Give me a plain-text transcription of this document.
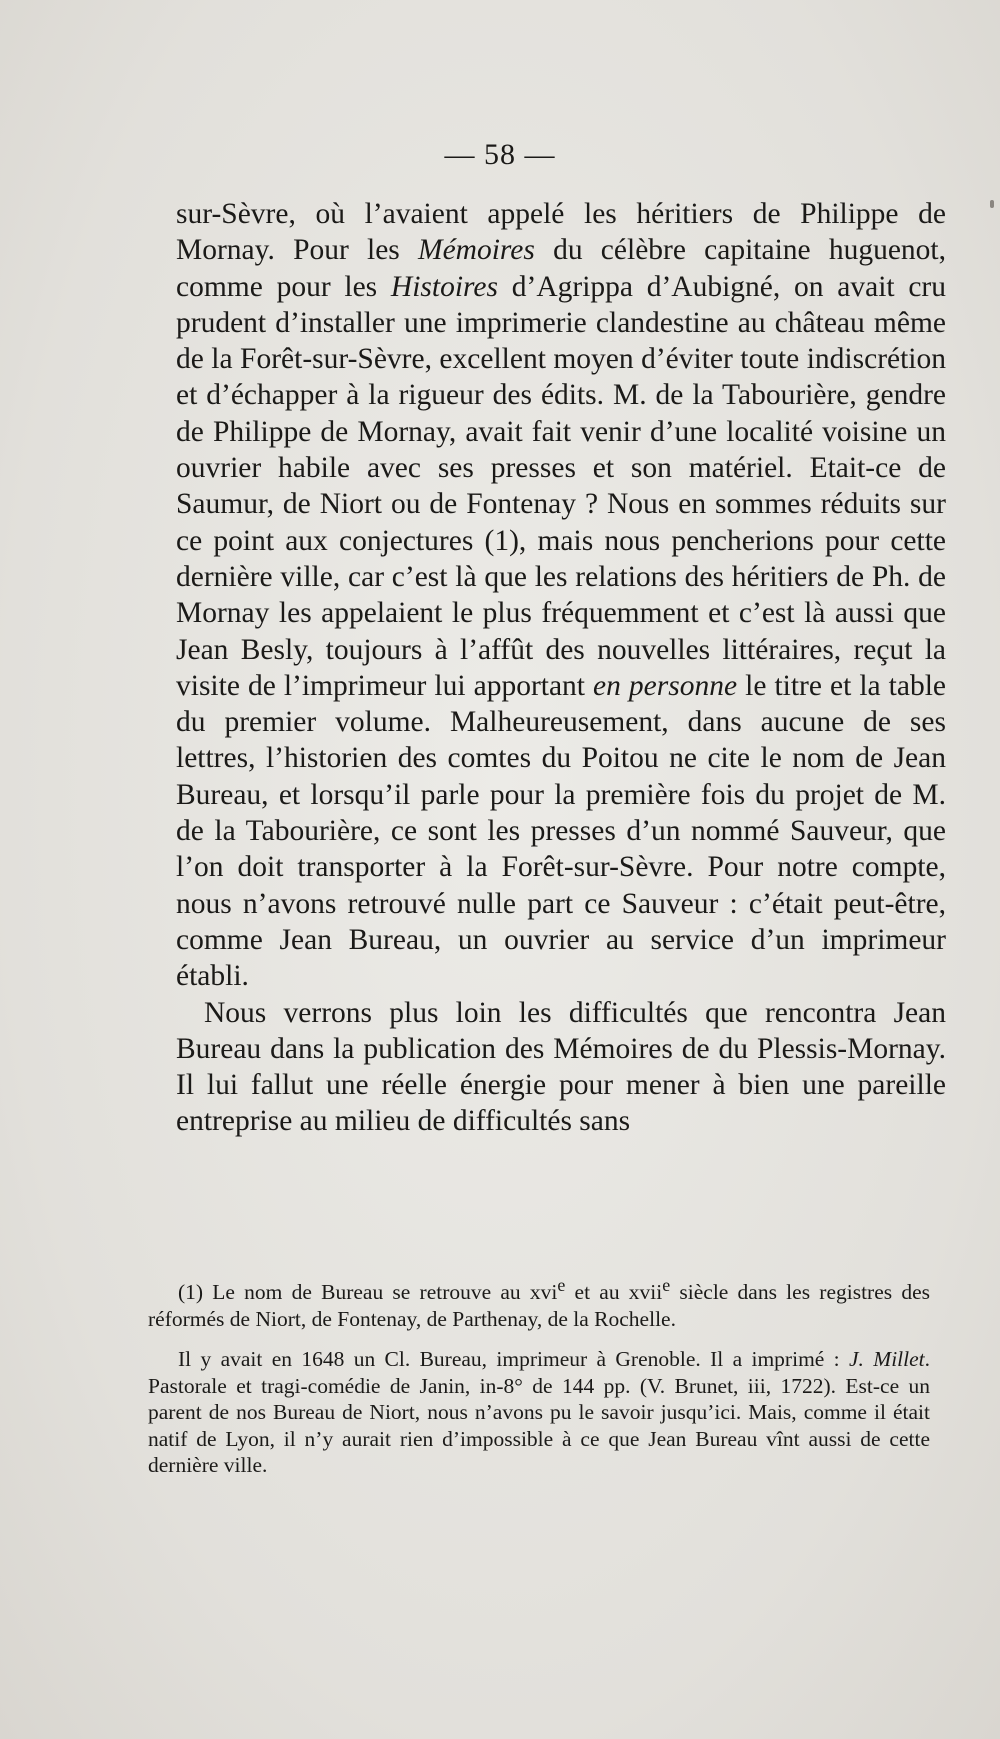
— 58 —

sur-Sèvre, où l’avaient appelé les héritiers de Philippe de Mornay. Pour les Mémoires du célèbre capitaine huguenot, comme pour les Histoires d’Agrippa d’Aubigné, on avait cru prudent d’installer une imprimerie clandestine au château même de la Forêt-sur-Sèvre, excellent moyen d’éviter toute indiscrétion et d’échapper à la rigueur des édits. M. de la Tabourière, gendre de Philippe de Mornay, avait fait venir d’une localité voisine un ouvrier habile avec ses presses et son matériel. Etait-ce de Saumur, de Niort ou de Fontenay ? Nous en sommes réduits sur ce point aux conjectures (1), mais nous pencherions pour cette dernière ville, car c’est là que les relations des héritiers de Ph. de Mornay les appelaient le plus fréquemment et c’est là aussi que Jean Besly, toujours à l’affût des nouvelles littéraires, reçut la visite de l’imprimeur lui apportant en personne le titre et la table du premier volume. Malheureusement, dans aucune de ses lettres, l’historien des comtes du Poitou ne cite le nom de Jean Bureau, et lorsqu’il parle pour la première fois du projet de M. de la Tabourière, ce sont les presses d’un nommé Sauveur, que l’on doit transporter à la Forêt-sur-Sèvre. Pour notre compte, nous n’avons retrouvé nulle part ce Sauveur : c’était peut-être, comme Jean Bureau, un ouvrier au service d’un imprimeur établi.

Nous verrons plus loin les difficultés que rencontra Jean Bureau dans la publication des Mémoires de du Plessis-Mornay. Il lui fallut une réelle énergie pour mener à bien une pareille entreprise au milieu de difficultés sans

(1) Le nom de Bureau se retrouve au xvi$^e$ et au xvii$^e$ siècle dans les registres des réformés de Niort, de Fontenay, de Parthenay, de la Rochelle.

Il y avait en 1648 un Cl. Bureau, imprimeur à Grenoble. Il a imprimé : J. Millet. Pastorale et tragi-comédie de Janin, in-8° de 144 pp. (V. Brunet, iii, 1722). Est-ce un parent de nos Bureau de Niort, nous n’avons pu le savoir jusqu’ici. Mais, comme il était natif de Lyon, il n’y aurait rien d’impossible à ce que Jean Bureau vînt aussi de cette dernière ville.
